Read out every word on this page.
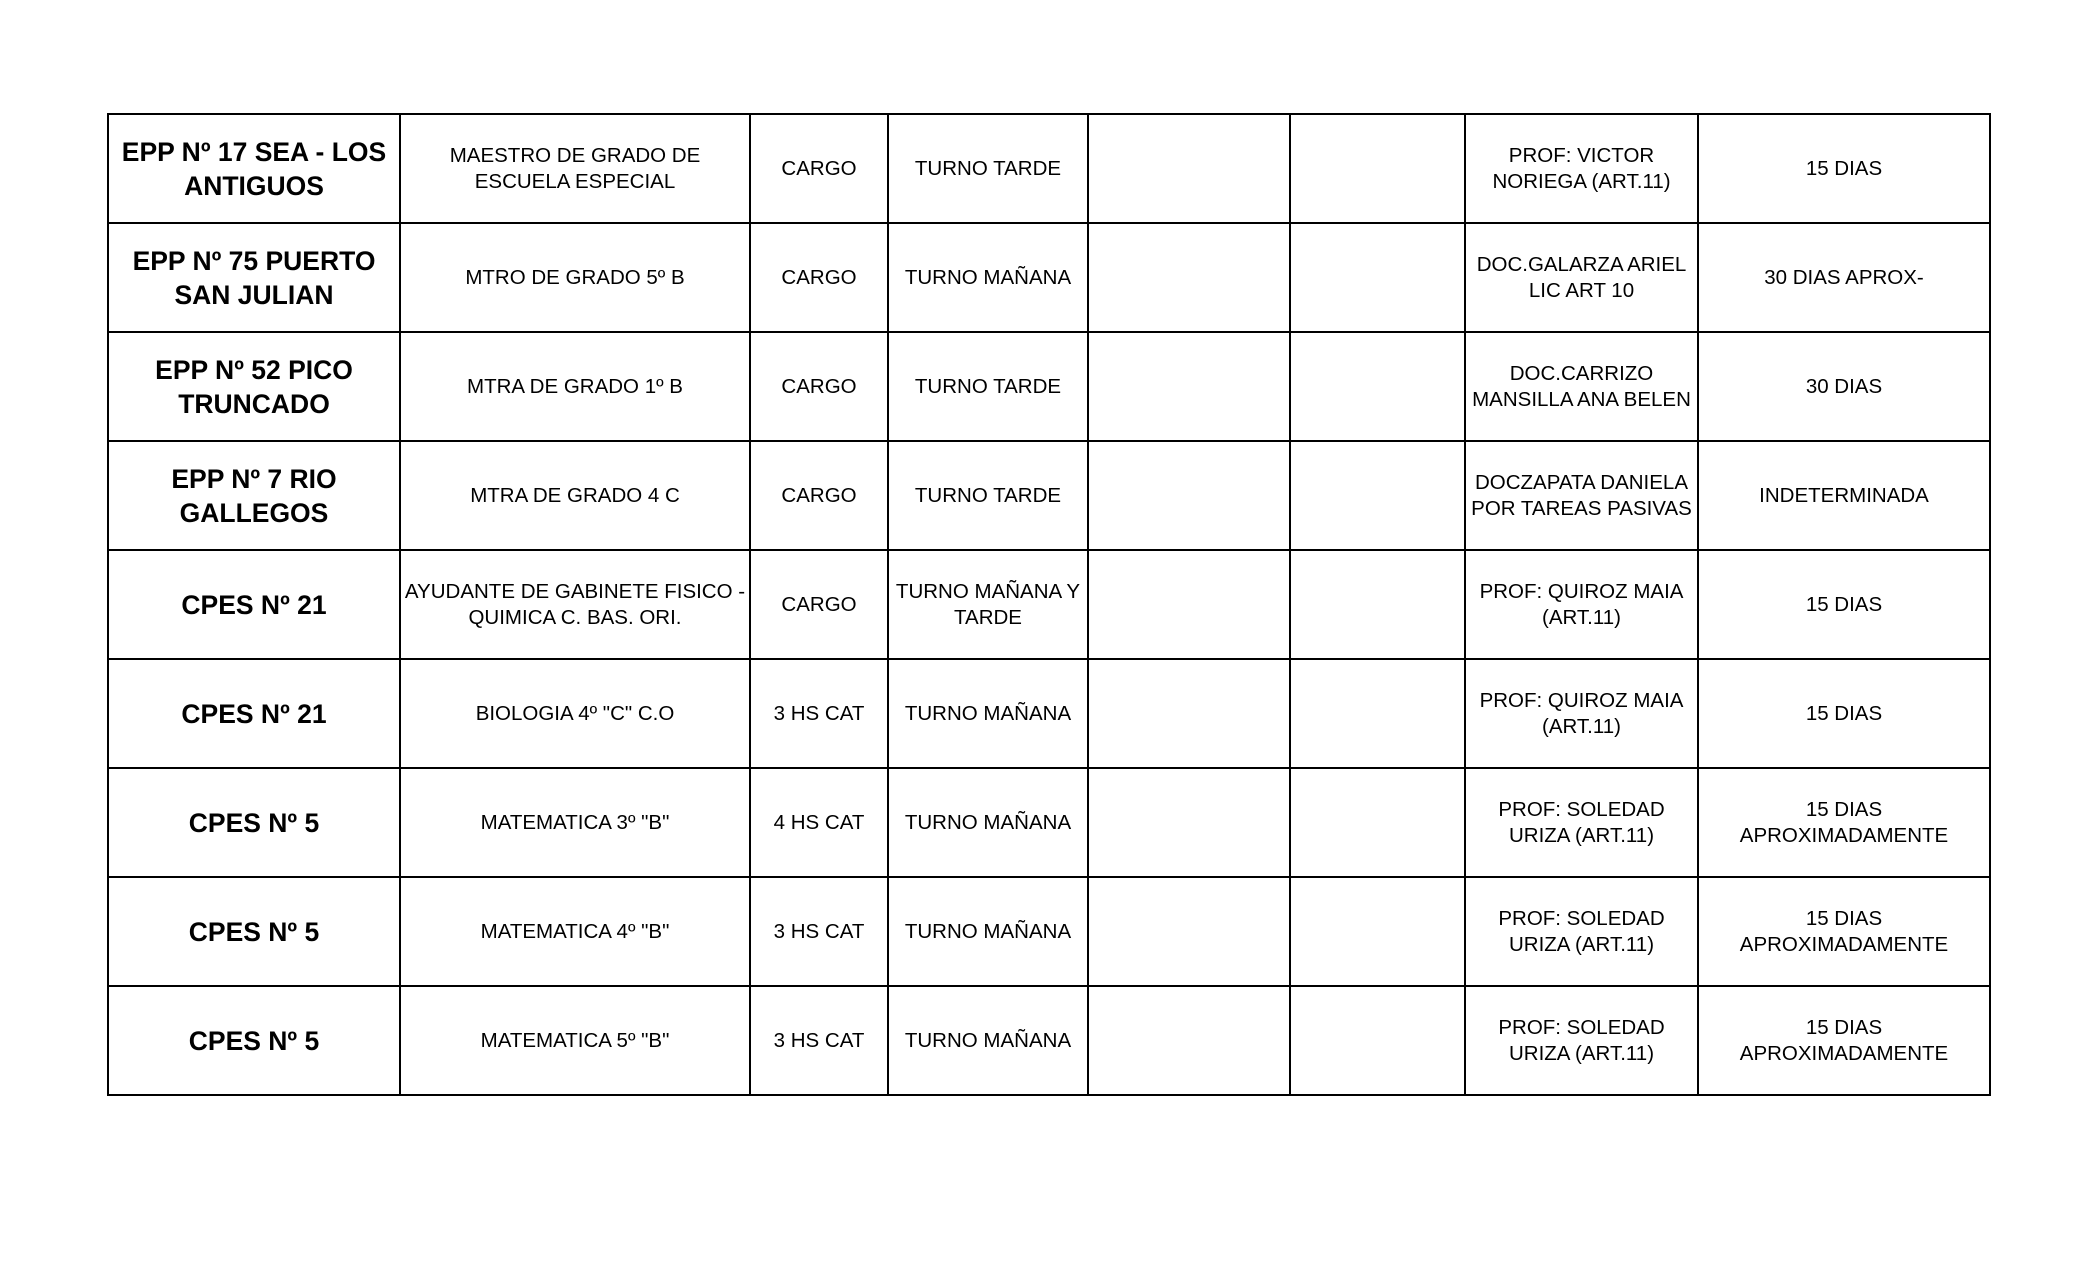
EPP Nº 17 SEA - LOS ANTIGUOS	MAESTRO DE GRADO DE ESCUELA ESPECIAL	CARGO	TURNO TARDE			PROF: VICTOR NORIEGA (ART.11)	15 DIAS
EPP Nº 75 PUERTO SAN JULIAN	MTRO DE GRADO 5º B	CARGO	TURNO MAÑANA			DOC.GALARZA ARIEL LIC ART 10	30 DIAS APROX-
EPP Nº 52 PICO TRUNCADO	MTRA DE GRADO 1º B	CARGO	TURNO TARDE			DOC.CARRIZO MANSILLA ANA BELEN	30 DIAS
EPP Nº 7 RIO GALLEGOS	MTRA DE GRADO 4 C	CARGO	TURNO TARDE			DOCZAPATA DANIELA POR TAREAS PASIVAS	INDETERMINADA
CPES Nº 21	AYUDANTE DE GABINETE FISICO - QUIMICA C. BAS. ORI.	CARGO	TURNO MAÑANA Y TARDE			PROF: QUIROZ MAIA (ART.11)	15 DIAS
CPES Nº 21	BIOLOGIA 4º "C" C.O	3 HS CAT	TURNO MAÑANA			PROF: QUIROZ MAIA (ART.11)	15 DIAS
CPES Nº 5	MATEMATICA 3º "B"	4 HS CAT	TURNO MAÑANA			PROF: SOLEDAD URIZA (ART.11)	15 DIAS APROXIMADAMENTE
CPES Nº 5	MATEMATICA 4º "B"	3 HS CAT	TURNO MAÑANA			PROF: SOLEDAD URIZA (ART.11)	15 DIAS APROXIMADAMENTE
CPES Nº 5	MATEMATICA 5º "B"	3 HS CAT	TURNO MAÑANA			PROF: SOLEDAD URIZA (ART.11)	15 DIAS APROXIMADAMENTE
